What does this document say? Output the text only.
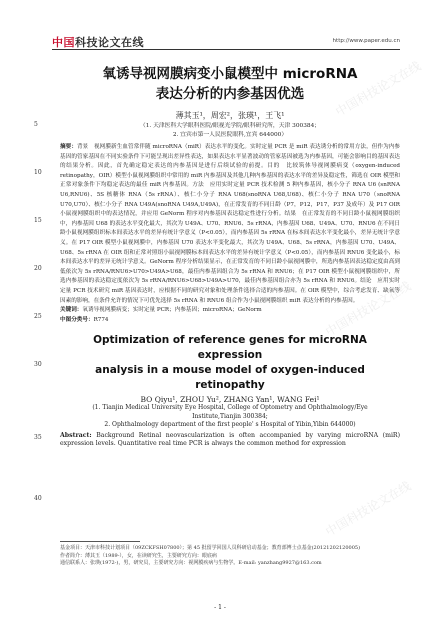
中国科技论文在线	http://www.paper.edu.cn
中国科技论文在线
中国科技论文在线
中国科技论文在线
5
10
15
20
25
30
35
40
氧诱导视网膜病变小鼠模型中 microRNA
表达分析的内参基因优选
薄其玉¹，周宏²，张瑛¹，王飞¹
（1. 天津医科大学眼科医院/眼视光学院/眼科研究所，天津 300384；
2. 宜宾市第一人民医院眼科,宜宾 644000）
摘要：背景　视网膜新生血管常伴随 microRNA（miR）表达水平的变化。实时定量 PCR 是 miR 表达诱分析的常用方法，但作为内参基因的管家基因在不同实验条件下可能呈现出差异性表达，如果表达水平显著波动的管家基因被选为内参基因，可能会影响目的基因表达的结果分析。因此，首先确定稳定表达的内参基因是进行后续试验的前提。目的　比较筑体导视网膜病变（oxygen-induced retinopathy，OIR）模型小鼠视网膜组织中常用的 miR 内参基因及其他几种内参基因的表达水平的差异及稳定性，筛选在 OIR 模型和正常对象条件下均稳定表达的最佳 miR 内参基因。方法　应用实时定量 PCR 技术检测 5 种内参基因，核小分子 RNA U6 (snRNA U6,RNU6)、5S 核糖体 RNA（5s rRNA）、核仁小分子 RNA U68(snoRNA U68,U68)、核仁小分子 RNA U70（snoRNA U70,U70）、核仁小分子 RNA U49A(snoRNA U49A,U49A)，在正常发育的不同日龄（P7，P12，P17，P37 及成年）及 P17 OIR 小鼠视网膜组织中的表达情况，并应用 GeNorm 程序对内参基因表达稳定性进行分析。结果　在正常发育的不同日龄小鼠视网膜组织中，内参基因 U68 的表达水平变化最大，其次为 U49A、U70、RNU6、5s rRNA，内参基因 U68、U49A、U70、RNU6 在不同日龄小鼠视网膜组织标本间表达水平的差异有统计学意义（P<0.05），而内参基因 5s rRNA 在标本间表达水平变化最小，差异无统计学意义。在 P17 OIR 模型小鼠视网膜中，内参基因 U70 表达水平变化最大，其次为 U49A、U68、5s rRNA，内参基因 U70、U49A、U68、5s rRNA 在 OIR 组和正常对照组小鼠视网膜标本间表达水平的差异有统计学意义（P<0.05），而内参基因 RNU6 变化最小，标本间表达水平的差异无统计学意义。GeNorm 程序分析结果显示，在正常发育的不同日龄小鼠视网膜中，所选内参基因表达稳定度由高到低依次为 5s rRNA/RNU6>U70>U49A>U68，最佳内参基因组合为 5s rRNA 和 RNU6；在 P17 OIR 模型小鼠视网膜组织中，所选内参基因的表达稳定度依次为 5s rRNA/RNU6>U68>U49A>U70，最佳内参基因组合亦为 5s rRNA 和 RNU6。结论　应用实时定量 PCR 技术研究 miR 基因表达时，应根据不同的研究对象和处理条件选择合适的内参基因。在 OIR 模型中，综合考虑发育、缺氧等因素的影响，在条件允许的情况下可优先选择 5s rRNA 和 RNU6 组合作为小鼠视网膜组织 miR 表达分析的内参基因。
关键词：氧诱导视网膜病变；实时定量 PCR；内参基因；microRNA；GeNorm
中图分类号：R774
Optimization of reference genes for microRNA expression
analysis in a mouse model of oxygen-induced retinopathy
BO Qiyu¹, ZHOU Yu², ZHANG Yan¹, WANG Fei¹
(1. Tianjin Medical University Eye Hospital, College of Optometry and Ophthalmology/Eye
Institute,Tianjin 300384;
2. Ophthalmology department of the first people' s Hospital of Yibin,Yibin 644000)
Abstract: Background Retinal neovascularization is often accompanied by varying microRNA (miR) expression levels. Quantitative real time PCR is always the common method for expression
基金项目：天津市科技计划项目（09ZCKFSH07800）；第 45 批留学回国人员科研启动基金；教育部博士点基金(20121202120005)
作者简介：薄其玉（1989-），女，在读研究生，主要研究方向：眼底病
通信联系人：张瑛(1972-)，男，研究员，主要研究方向：视网膜疾病与生物学。E-mail: yanzhang9927@163.com
- 1 -
